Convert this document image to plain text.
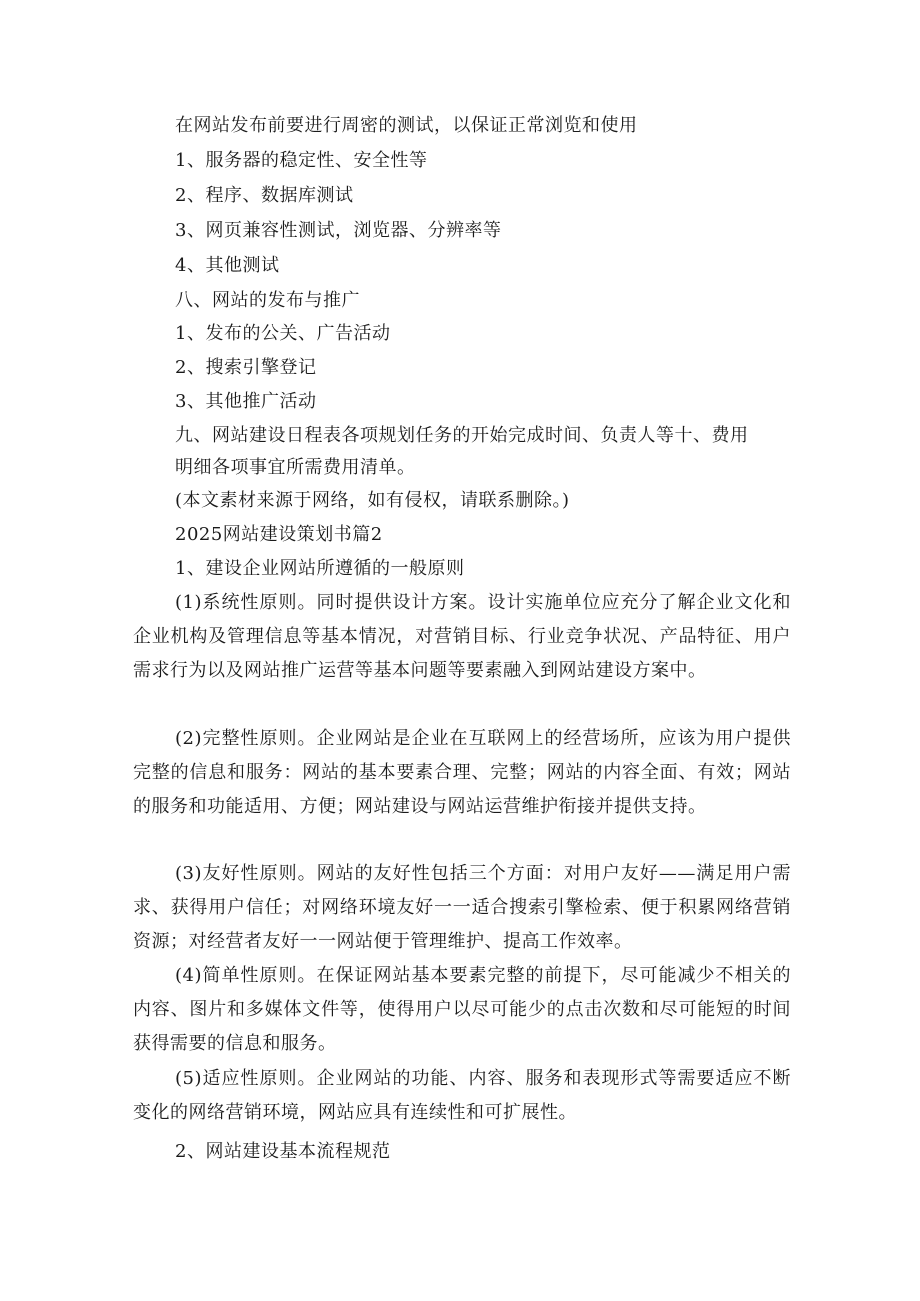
在网站发布前要进行周密的测试，以保证正常浏览和使用
1、服务器的稳定性、安全性等
2、程序、数据库测试
3、网页兼容性测试，浏览器、分辨率等
4、其他测试
八、网站的发布与推广
1、发布的公关、广告活动
2、搜索引擎登记
3、其他推广活动
九、网站建设日程表各项规划任务的开始完成时间、负责人等十、费用
明细各项事宜所需费用清单。
(本文素材来源于网络，如有侵权，请联系删除。)
2025网站建设策划书篇2
1、建设企业网站所遵循的一般原则

(1)系统性原则。同时提供设计方案。设计实施单位应充分了解企业文化和企业机构及管理信息等基本情况，对营销目标、行业竞争状况、产品特征、用户需求行为以及网站推广运营等基本问题等要素融入到网站建设方案中。

(2)完整性原则。企业网站是企业在互联网上的经营场所，应该为用户提供完整的信息和服务：网站的基本要素合理、完整；网站的内容全面、有效；网站的服务和功能适用、方便；网站建设与网站运营维护衔接并提供支持。

(3)友好性原则。网站的友好性包括三个方面：对用户友好——满足用户需求、获得用户信任；对网络环境友好一一适合搜索引擎检索、便于积累网络营销资源；对经营者友好一一网站便于管理维护、提高工作效率。

(4)简单性原则。在保证网站基本要素完整的前提下，尽可能减少不相关的内容、图片和多媒体文件等，使得用户以尽可能少的点击次数和尽可能短的时间获得需要的信息和服务。

(5)适应性原则。企业网站的功能、内容、服务和表现形式等需要适应不断变化的网络营销环境，网站应具有连续性和可扩展性。

2、网站建设基本流程规范
